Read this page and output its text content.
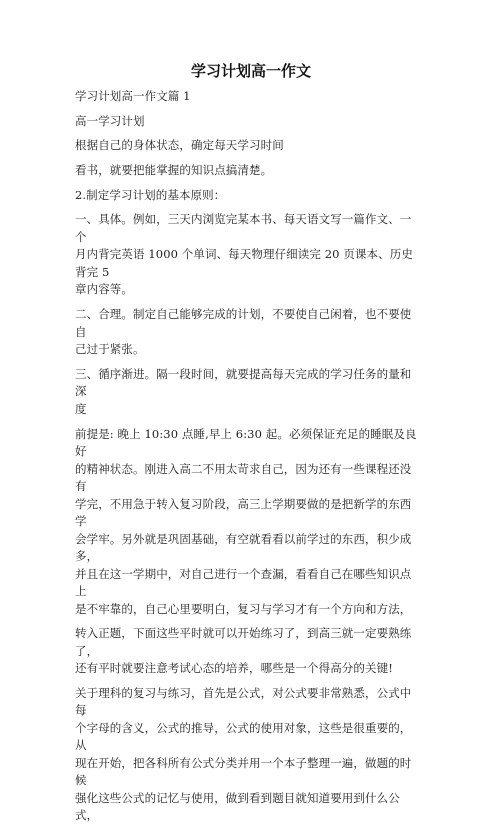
学习计划高一作文

学习计划高一作文篇 1

高一学习计划

根据自己的身体状态，确定每天学习时间

看书，就要把能掌握的知识点搞清楚。

2.制定学习计划的基本原则：

一、具体。例如，三天内浏览完某本书、每天语文写一篇作文、一个
月内背完英语 1000 个单词、每天物理仔细读完 20 页课本、历史背完 5
章内容等。

二、合理。制定自己能够完成的计划，不要使自己闲着，也不要使自
己过于紧张。

三、循序渐进。隔一段时间，就要提高每天完成的学习任务的量和深
度

前提是: 晚上 10:30 点睡,早上 6:30 起。必须保证充足的睡眠及良好
的精神状态。刚进入高二不用太苛求自己，因为还有一些课程还没有
学完，不用急于转入复习阶段，高三上学期要做的是把新学的东西学
会学牢。另外就是巩固基础，有空就看看以前学过的东西，积少成多，
并且在这一学期中，对自己进行一个查漏，看看自己在哪些知识点上
是不牢靠的，自己心里要明白，复习与学习才有一个方向和方法，

转入正题，下面这些平时就可以开始练习了，到高三就一定要熟练了，
还有平时就要注意考试心态的培养，哪些是一个得高分的关键!

关于理科的复习与练习，首先是公式，对公式要非常熟悉，公式中每
个字母的含义，公式的推导，公式的使用对象，这些是很重要的，从
现在开始，把各科所有公式分类并用一个本子整理一遍，做题的时候
强化这些公式的记忆与使用，做到看到题目就知道要用到什么公式，
